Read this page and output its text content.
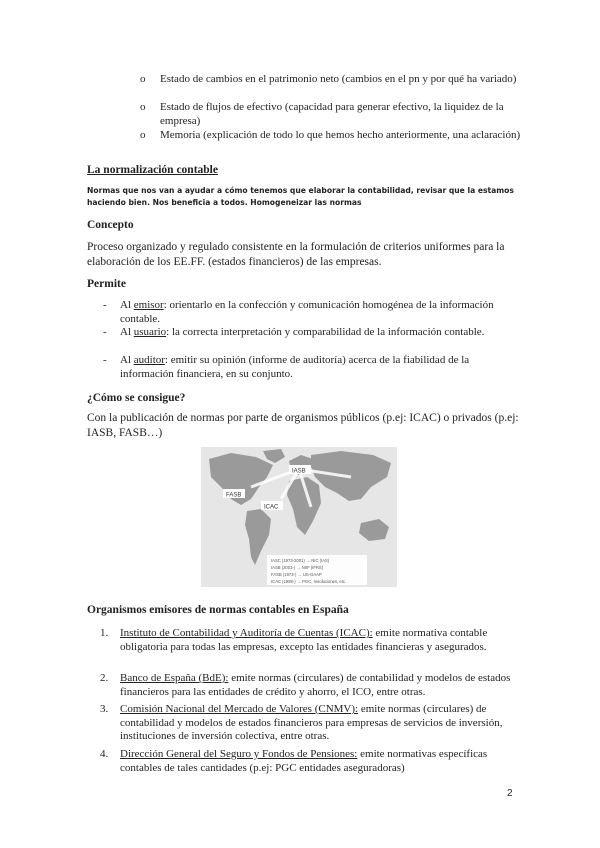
o Estado de cambios en el patrimonio neto (cambios en el pn y por qué ha variado)
o Estado de flujos de efectivo (capacidad para generar efectivo, la liquidez de la empresa)
o Memoria (explicación de todo lo que hemos hecho anteriormente, una aclaración)
La normalización contable
Normas que nos van a ayudar a cómo tenemos que elaborar la contabilidad, revisar que la estamos haciendo bien. Nos beneficia a todos. Homogeneizar las normas
Concepto
Proceso organizado y regulado consistente en la formulación de criterios uniformes para la elaboración de los EE.FF. (estados financieros) de las empresas.
Permite
- Al emisor: orientarlo en la confección y comunicación homogénea de la información contable.
- Al usuario: la correcta interpretación y comparabilidad de la información contable.
- Al auditor: emitir su opinión (informe de auditoría) acerca de la fiabilidad de la información financiera, en su conjunto.
¿Cómo se consigue?
Con la publicación de normas por parte de organismos públicos (p.ej: ICAC) o privados (p.ej: IASB, FASB…)
IASB
FASB
ICAC
IASC (1973-2001) → NIC (IAS)
IASB (2001-) → NIIF (IFRS)
FASB (1973-) → US-GAAP
ICAC (1988-) → PGC, resoluciones, etc.
Organismos emisores de normas contables en España
1. Instituto de Contabilidad y Auditoría de Cuentas (ICAC): emite normativa contable obligatoria para todas las empresas, excepto las entidades financieras y asegurados.
2. Banco de España (BdE): emite normas (circulares) de contabilidad y modelos de estados financieros para las entidades de crédito y ahorro, el ICO, entre otras.
3. Comisión Nacional del Mercado de Valores (CNMV): emite normas (circulares) de contabilidad y modelos de estados financieros para empresas de servicios de inversión, instituciones de inversión colectiva, entre otras.
4. Dirección General del Seguro y Fondos de Pensiones: emite normativas específicas contables de tales cantidades (p.ej: PGC entidades aseguradoras)
2
